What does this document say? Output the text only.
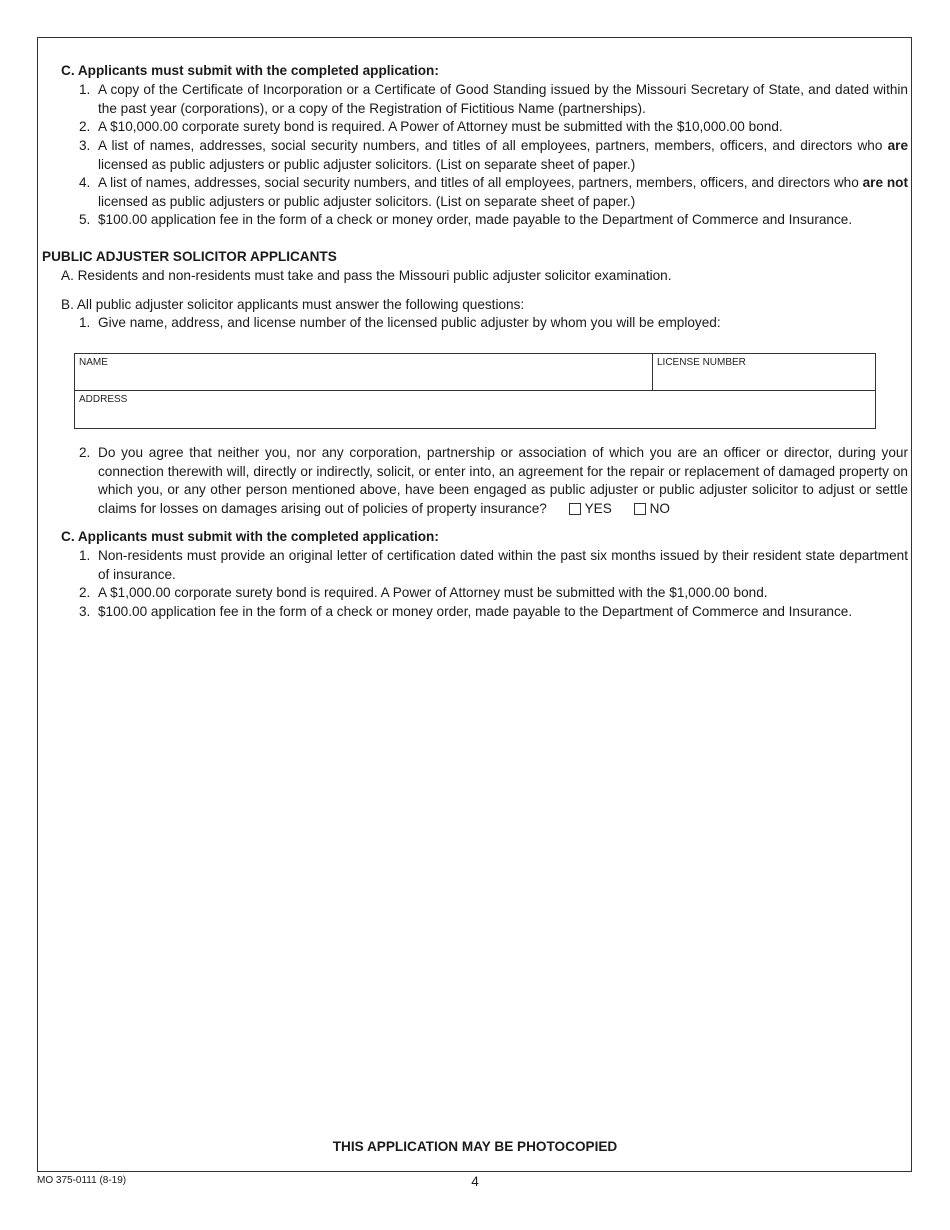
C. Applicants must submit with the completed application:
1. A copy of the Certificate of Incorporation or a Certificate of Good Standing issued by the Missouri Secretary of State, and dated within the past year (corporations), or a copy of the Registration of Fictitious Name (partnerships).
2. A $10,000.00 corporate surety bond is required. A Power of Attorney must be submitted with the $10,000.00 bond.
3. A list of names, addresses, social security numbers, and titles of all employees, partners, members, officers, and directors who are licensed as public adjusters or public adjuster solicitors. (List on separate sheet of paper.)
4. A list of names, addresses, social security numbers, and titles of all employees, partners, members, officers, and directors who are not licensed as public adjusters or public adjuster solicitors. (List on separate sheet of paper.)
5. $100.00 application fee in the form of a check or money order, made payable to the Department of Commerce and Insurance.
PUBLIC ADJUSTER SOLICITOR APPLICANTS
A. Residents and non-residents must take and pass the Missouri public adjuster solicitor examination.
B. All public adjuster solicitor applicants must answer the following questions:
1. Give name, address, and license number of the licensed public adjuster by whom you will be employed:
NAME	LICENSE NUMBER
ADDRESS
2. Do you agree that neither you, nor any corporation, partnership or association of which you are an officer or director, during your connection therewith will, directly or indirectly, solicit, or enter into, an agreement for the repair or replacement of damaged property on which you, or any other person mentioned above, have been engaged as public adjuster or public adjuster solicitor to adjust or settle claims for losses on damages arising out of policies of property insurance?	YES	NO
C. Applicants must submit with the completed application:
1. Non-residents must provide an original letter of certification dated within the past six months issued by their resident state department of insurance.
2. A $1,000.00 corporate surety bond is required. A Power of Attorney must be submitted with the $1,000.00 bond.
3. $100.00 application fee in the form of a check or money order, made payable to the Department of Commerce and Insurance.
THIS APPLICATION MAY BE PHOTOCOPIED
MO 375-0111 (8-19)	4
